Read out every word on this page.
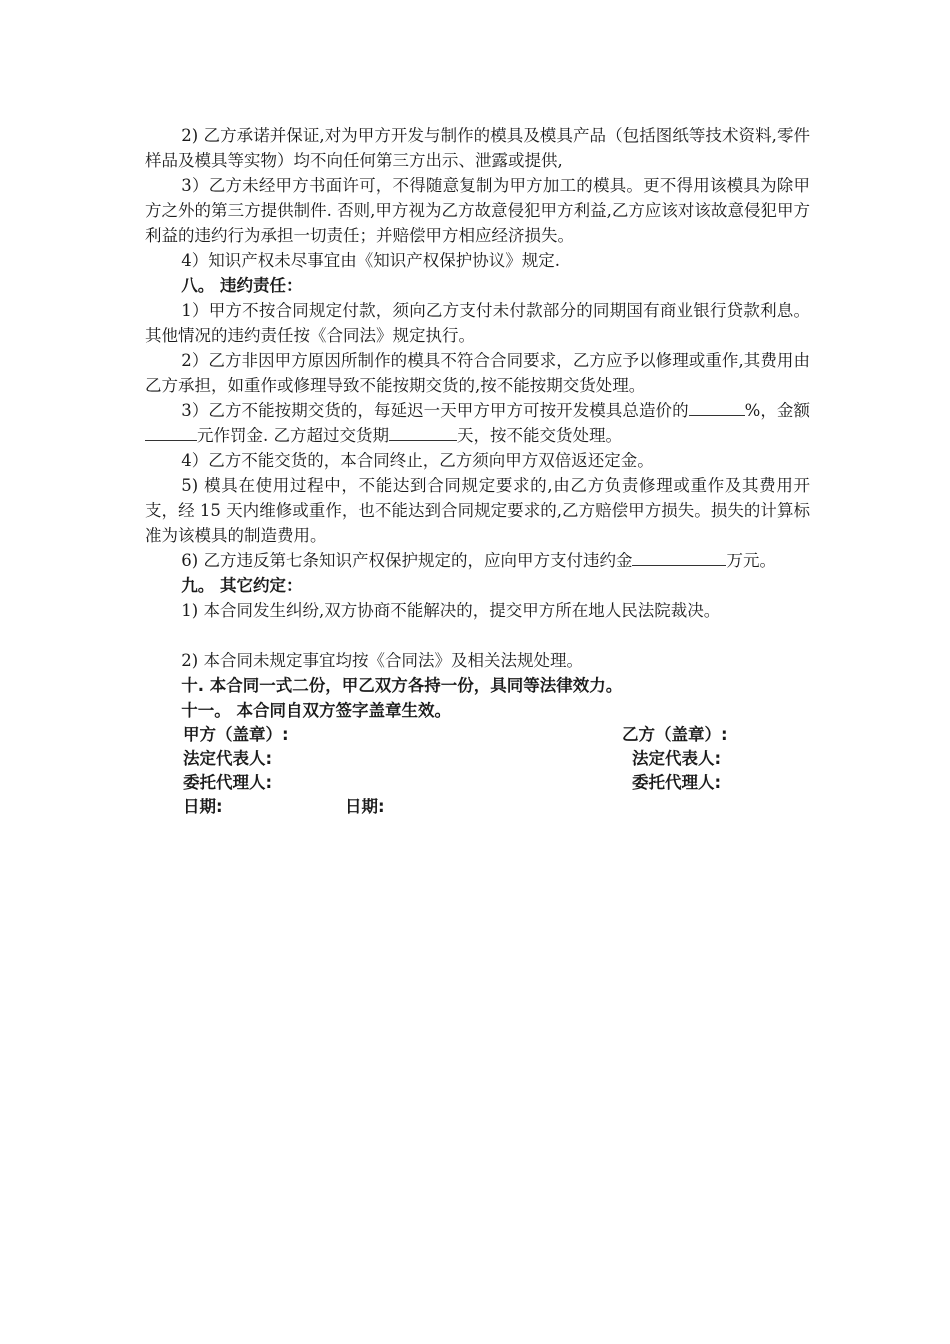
2) 乙方承诺并保证,对为甲方开发与制作的模具及模具产品（包括图纸等技术资料,零件样品及模具等实物）均不向任何第三方出示、泄露或提供,

3）乙方未经甲方书面许可，不得随意复制为甲方加工的模具。更不得用该模具为除甲方之外的第三方提供制件. 否则,甲方视为乙方故意侵犯甲方利益,乙方应该对该故意侵犯甲方利益的违约行为承担一切责任；并赔偿甲方相应经济损失。

4）知识产权未尽事宜由《知识产权保护协议》规定.

八。 违约责任：

1）甲方不按合同规定付款，须向乙方支付未付款部分的同期国有商业银行贷款利息。其他情况的违约责任按《合同法》规定执行。

2）乙方非因甲方原因所制作的模具不符合合同要求，乙方应予以修理或重作,其费用由乙方承担，如重作或修理导致不能按期交货的,按不能按期交货处理。

3）乙方不能按期交货的，每延迟一天甲方甲方可按开发模具总造价的	%，金额元作罚金. 乙方超过交货期	天，按不能交货处理。

4）乙方不能交货的，本合同终止，乙方须向甲方双倍返还定金。

5) 模具在使用过程中，不能达到合同规定要求的,由乙方负责修理或重作及其费用开支，经 15 天内维修或重作，也不能达到合同规定要求的,乙方赔偿甲方损失。损失的计算标准为该模具的制造费用。

6) 乙方违反第七条知识产权保护规定的，应向甲方支付违约金	万元。

九。 其它约定：

1) 本合同发生纠纷,双方协商不能解决的，提交甲方所在地人民法院裁决。

2) 本合同未规定事宜均按《合同法》及相关法规处理。

十. 本合同一式二份，甲乙双方各持一份，具同等法律效力。

十一。 本合同自双方签字盖章生效。

甲方（盖章）:	乙方（盖章）:
法定代表人:	法定代表人:
委托代理人:	委托代理人:
日期:	日期:
